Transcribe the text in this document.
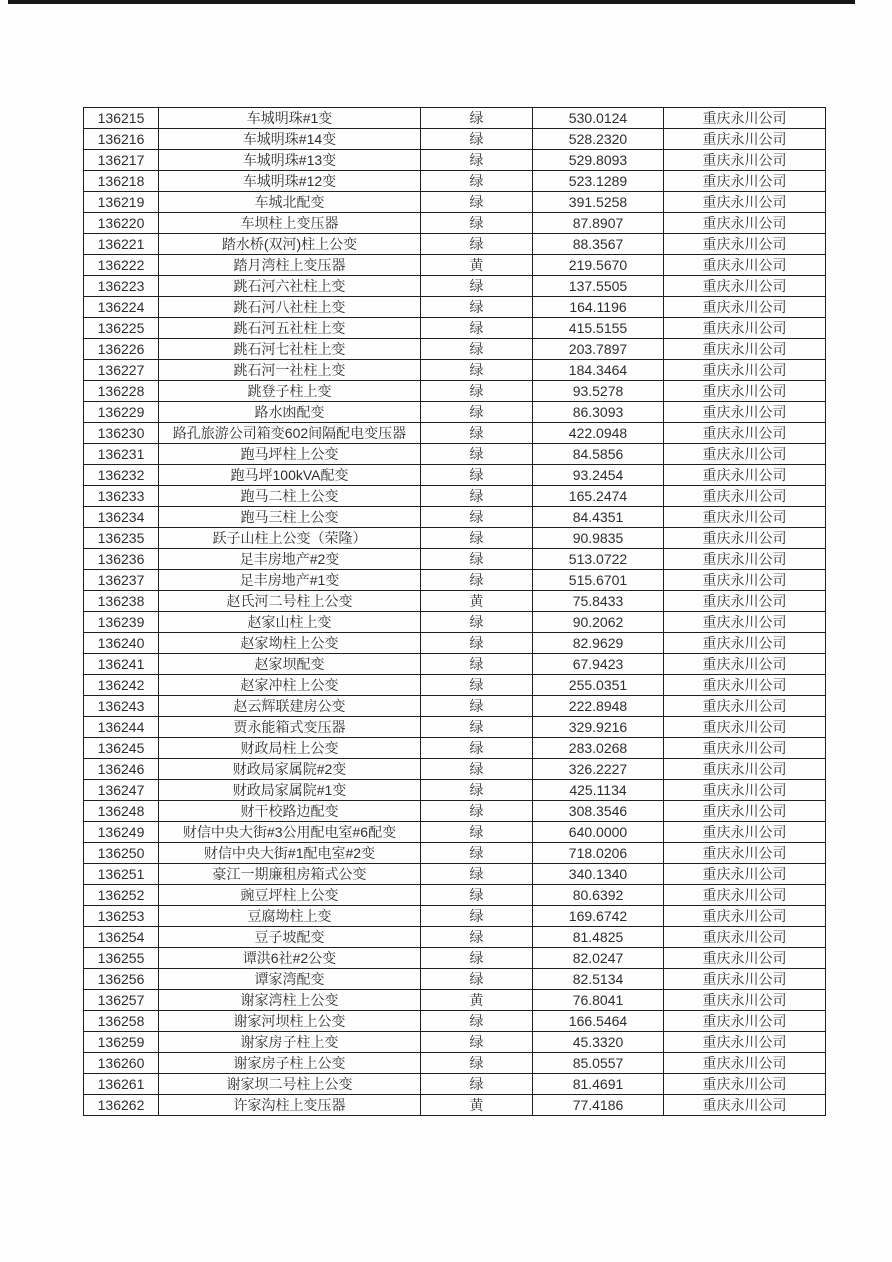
136215	车城明珠#1变	绿	530.0124	重庆永川公司
136216	车城明珠#14变	绿	528.2320	重庆永川公司
136217	车城明珠#13变	绿	529.8093	重庆永川公司
136218	车城明珠#12变	绿	523.1289	重庆永川公司
136219	车城北配变	绿	391.5258	重庆永川公司
136220	车坝柱上变压器	绿	87.8907	重庆永川公司
136221	踏水桥(双河)柱上公变	绿	88.3567	重庆永川公司
136222	踏月湾柱上变压器	黄	219.5670	重庆永川公司
136223	跳石河六社柱上变	绿	137.5505	重庆永川公司
136224	跳石河八社柱上变	绿	164.1196	重庆永川公司
136225	跳石河五社柱上变	绿	415.5155	重庆永川公司
136226	跳石河七社柱上变	绿	203.7897	重庆永川公司
136227	跳石河一社柱上变	绿	184.3464	重庆永川公司
136228	跳登子柱上变	绿	93.5278	重庆永川公司
136229	路水凼配变	绿	86.3093	重庆永川公司
136230	路孔旅游公司箱变602间隔配电变压器	绿	422.0948	重庆永川公司
136231	跑马坪柱上公变	绿	84.5856	重庆永川公司
136232	跑马坪100kVA配变	绿	93.2454	重庆永川公司
136233	跑马二柱上公变	绿	165.2474	重庆永川公司
136234	跑马三柱上公变	绿	84.4351	重庆永川公司
136235	跃子山柱上公变（荣隆）	绿	90.9835	重庆永川公司
136236	足丰房地产#2变	绿	513.0722	重庆永川公司
136237	足丰房地产#1变	绿	515.6701	重庆永川公司
136238	赵氏河二号柱上公变	黄	75.8433	重庆永川公司
136239	赵家山柱上变	绿	90.2062	重庆永川公司
136240	赵家坳柱上公变	绿	82.9629	重庆永川公司
136241	赵家坝配变	绿	67.9423	重庆永川公司
136242	赵家冲柱上公变	绿	255.0351	重庆永川公司
136243	赵云辉联建房公变	绿	222.8948	重庆永川公司
136244	贾永能箱式变压器	绿	329.9216	重庆永川公司
136245	财政局柱上公变	绿	283.0268	重庆永川公司
136246	财政局家属院#2变	绿	326.2227	重庆永川公司
136247	财政局家属院#1变	绿	425.1134	重庆永川公司
136248	财干校路边配变	绿	308.3546	重庆永川公司
136249	财信中央大街#3公用配电室#6配变	绿	640.0000	重庆永川公司
136250	财信中央大街#1配电室#2变	绿	718.0206	重庆永川公司
136251	豪江一期廉租房箱式公变	绿	340.1340	重庆永川公司
136252	豌豆坪柱上公变	绿	80.6392	重庆永川公司
136253	豆腐坳柱上变	绿	169.6742	重庆永川公司
136254	豆子坡配变	绿	81.4825	重庆永川公司
136255	谭洪6社#2公变	绿	82.0247	重庆永川公司
136256	谭家湾配变	绿	82.5134	重庆永川公司
136257	谢家湾柱上公变	黄	76.8041	重庆永川公司
136258	谢家河坝柱上公变	绿	166.5464	重庆永川公司
136259	谢家房子柱上变	绿	45.3320	重庆永川公司
136260	谢家房子柱上公变	绿	85.0557	重庆永川公司
136261	谢家坝二号柱上公变	绿	81.4691	重庆永川公司
136262	许家沟柱上变压器	黄	77.4186	重庆永川公司
